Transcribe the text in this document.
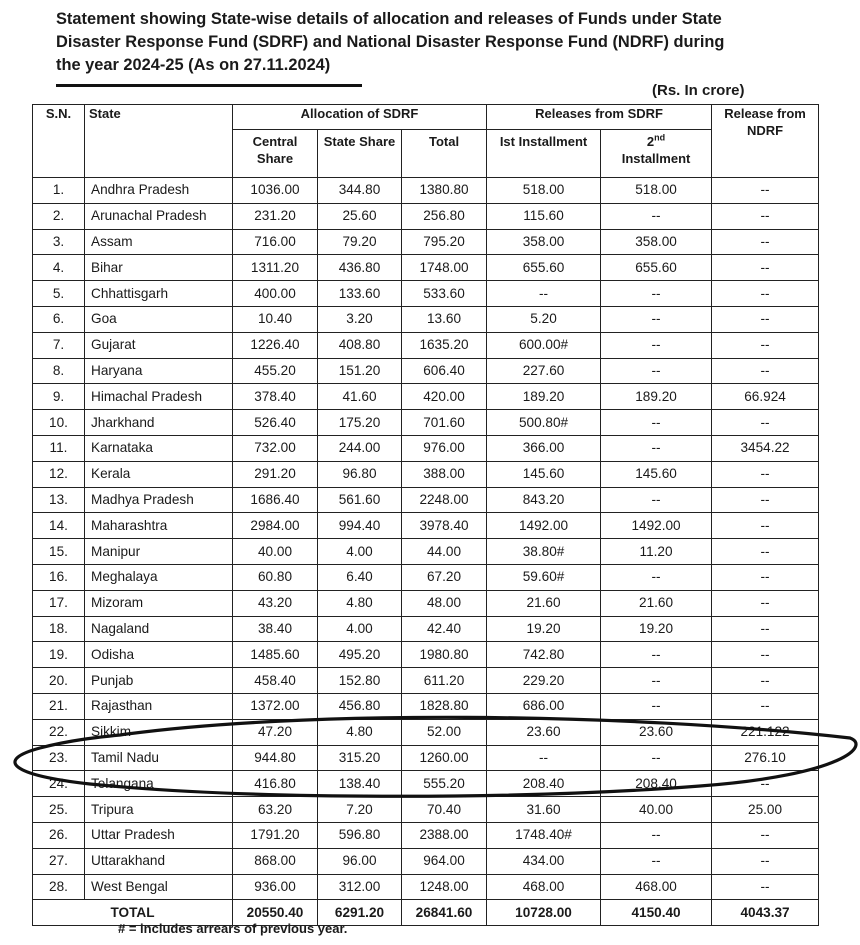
Statement showing State-wise details of allocation and releases of Funds under State
Disaster Response Fund (SDRF) and National Disaster Response Fund (NDRF) during
the year 2024-25 (As on 27.11.2024)
(Rs. In crore)
S.N.	State	Allocation of SDRF			Releases from SDRF		Release from NDRF
		Central Share	State Share	Total	Ist Installment	2nd
Installment	
1.	Andhra Pradesh	1036.00	344.80	1380.80	518.00	518.00	--
2.	Arunachal Pradesh	231.20	25.60	256.80	115.60	--	--
3.	Assam	716.00	79.20	795.20	358.00	358.00	--
4.	Bihar	1311.20	436.80	1748.00	655.60	655.60	--
5.	Chhattisgarh	400.00	133.60	533.60	--	--	--
6.	Goa	10.40	3.20	13.60	5.20	--	--
7.	Gujarat	1226.40	408.80	1635.20	600.00#	--	--
8.	Haryana	455.20	151.20	606.40	227.60	--	--
9.	Himachal Pradesh	378.40	41.60	420.00	189.20	189.20	66.924
10.	Jharkhand	526.40	175.20	701.60	500.80#	--	--
11.	Karnataka	732.00	244.00	976.00	366.00	--	3454.22
12.	Kerala	291.20	96.80	388.00	145.60	145.60	--
13.	Madhya Pradesh	1686.40	561.60	2248.00	843.20	--	--
14.	Maharashtra	2984.00	994.40	3978.40	1492.00	1492.00	--
15.	Manipur	40.00	4.00	44.00	38.80#	11.20	--
16.	Meghalaya	60.80	6.40	67.20	59.60#	--	--
17.	Mizoram	43.20	4.80	48.00	21.60	21.60	--
18.	Nagaland	38.40	4.00	42.40	19.20	19.20	--
19.	Odisha	1485.60	495.20	1980.80	742.80	--	--
20.	Punjab	458.40	152.80	611.20	229.20	--	--
21.	Rajasthan	1372.00	456.80	1828.80	686.00	--	--
22.	Sikkim	47.20	4.80	52.00	23.60	23.60	221.122
23.	Tamil Nadu	944.80	315.20	1260.00	--	--	276.10
24.	Telangana	416.80	138.40	555.20	208.40	208.40	--
25.	Tripura	63.20	7.20	70.40	31.60	40.00	25.00
26.	Uttar Pradesh	1791.20	596.80	2388.00	1748.40#	--	--
27.	Uttarakhand	868.00	96.00	964.00	434.00	--	--
28.	West Bengal	936.00	312.00	1248.00	468.00	468.00	--
TOTAL		20550.40	6291.20	26841.60	10728.00	4150.40	4043.37
# = includes arrears of previous year.
